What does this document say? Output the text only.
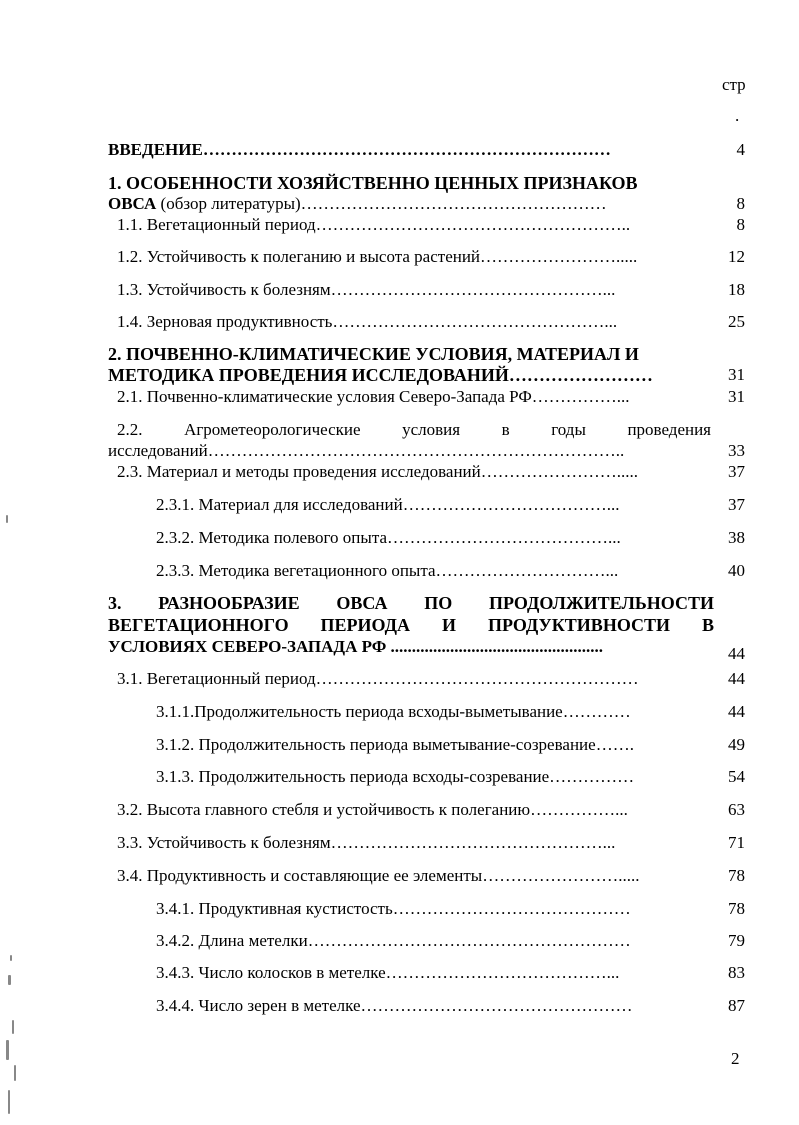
стр
.
ВВЕДЕНИЕ………………………………………………………………	4
1. ОСОБЕННОСТИ ХОЗЯЙСТВЕННО ЦЕННЫХ ПРИЗНАКОВ
ОВСА (обзор литературы)………………………………………………	8
1.1. Вегетационный период………………………………………………..	8
1.2. Устойчивость к полеганию и высота растений…………………….....	12
1.3. Устойчивость к болезням…………………………………………...	18
1.4. Зерновая продуктивность…………………………………………...	25
2. ПОЧВЕННО-КЛИМАТИЧЕСКИЕ УСЛОВИЯ, МАТЕРИАЛ И
МЕТОДИКА ПРОВЕДЕНИЯ ИССЛЕДОВАНИЙ……………………	31
2.1. Почвенно-климатические условия Северо-Запада РФ……………...	31
2.2. Агрометеорологические условия в годы проведения
исследований………………………………………………………………..	33
2.3. Материал и методы проведения исследований…………………….....	37
2.3.1. Материал для исследований………………………………...	37
2.3.2. Методика полевого опыта…………………………………...	38
2.3.3. Методика вегетационного опыта…………………………...	40
3. РАЗНООБРАЗИЕ ОВСА ПО ПРОДОЛЖИТЕЛЬНОСТИ
ВЕГЕТАЦИОННОГО ПЕРИОДА И ПРОДУКТИВНОСТИ В
УСЛОВИЯХ СЕВЕРО-ЗАПАДА РФ ..................................................	44
3.1. Вегетационный период…………………………………………………	44
3.1.1.Продолжительность периода всходы-выметывание…………	44
3.1.2. Продолжительность периода выметывание-созревание…….	49
3.1.3. Продолжительность периода всходы-созревание……………	54
3.2. Высота главного стебля и устойчивость к полеганию……………...	63
3.3. Устойчивость к болезням…………………………………………...	71
3.4. Продуктивность и составляющие ее элементы…………………….....	78
3.4.1. Продуктивная кустистость……………………………………	78
3.4.2. Длина метелки…………………………………………………	79
3.4.3. Число колосков в метелке…………………………………...	83
3.4.4. Число зерен в метелке…………………………………………	87
2
